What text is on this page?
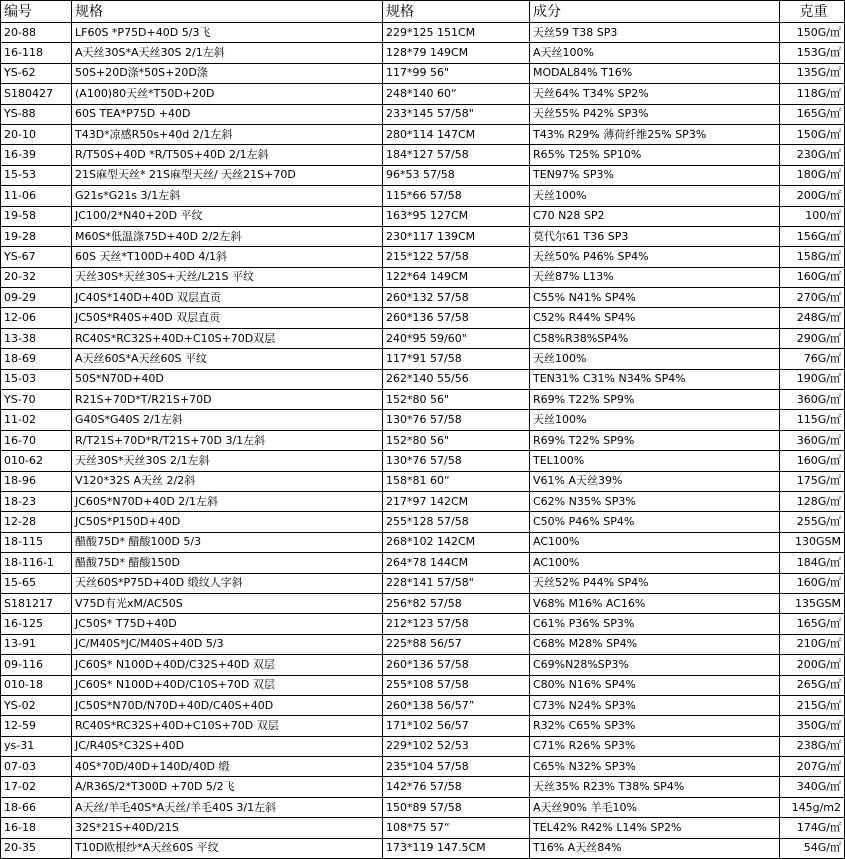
编号	规格	规格	成分	克重
20-88	LF60S *P75D+40D 5/3飞	229*125 151CM	天丝59 T38 SP3	150G/㎡
16-118	A天丝30S*A天丝30S 2/1左斜	128*79 149CM	A天丝100%	153G/㎡
YS-62	50S+20D涤*50S+20D涤	117*99 56"	MODAL84% T16%	135G/㎡
S180427	(A100)80天丝*T50D+20D	248*140 60“	天丝64% T34% SP2%	118G/㎡
YS-88	60S TEA*P75D +40D	233*145 57/58"	天丝55% P42% SP3%	165G/㎡
20-10	T43D*凉感R50s+40d 2/1左斜	280*114 147CM	T43% R29% 薄荷纤维25% SP3%	150G/㎡
16-39	R/T50S+40D *R/T50S+40D 2/1左斜	184*127 57/58	R65% T25% SP10%	230G/㎡
15-53	21S麻型天丝* 21S麻型天丝/ 天丝21S+70D	96*53 57/58	TEN97% SP3%	180G/㎡
11-06	G21s*G21s 3/1左斜	115*66 57/58	天丝100%	200G/㎡
19-58	JC100/2*N40+20D 平纹	163*95 127CM	C70 N28 SP2	100/㎡
19-28	M60S*低温涤75D+40D 2/2左斜	230*117 139CM	莫代尔61 T36 SP3	156G/㎡
YS-67	60S 天丝*T100D+40D 4/1斜	215*122 57/58	天丝50% P46% SP4%	158G/㎡
20-32	天丝30S*天丝30S+天丝/L21S 平纹	122*64 149CM	天丝87% L13%	160G/㎡
09-29	JC40S*140D+40D 双层直贡	260*132 57/58	C55% N41% SP4%	270G/㎡
12-06	JC50S*R40S+40D 双层直贡	260*136 57/58	C52% R44% SP4%	248G/㎡
13-38	RC40S*RC32S+40D+C10S+70D双层	240*95 59/60"	C58%R38%SP4%	290G/㎡
18-69	A天丝60S*A天丝60S 平纹	117*91 57/58	天丝100%	76G/㎡
15-03	50S*N70D+40D	262*140 55/56	TEN31% C31% N34% SP4%	190G/㎡
YS-70	R21S+70D*T/R21S+70D	152*80 56"	R69% T22% SP9%	360G/㎡
11-02	G40S*G40S 2/1左斜	130*76 57/58	天丝100%	115G/㎡
16-70	R/T21S+70D*R/T21S+70D 3/1左斜	152*80 56"	R69% T22% SP9%	360G/㎡
010-62	天丝30S*天丝30S 2/1左斜	130*76 57/58	TEL100%	160G/㎡
18-96	V120*32S A天丝 2/2斜	158*81 60“	V61% A天丝39%	175G/㎡
18-23	JC60S*N70D+40D 2/1左斜	217*97 142CM	C62% N35% SP3%	128G/㎡
12-28	JC50S*P150D+40D	255*128 57/58	C50% P46% SP4%	255G/㎡
18-115	醋酸75D* 醋酸100D 5/3	268*102 142CM	AC100%	130GSM
18-116-1	醋酸75D* 醋酸150D	264*78 144CM	AC100%	184G/㎡
15-65	天丝60S*P75D+40D 缎纹人字斜	228*141 57/58"	天丝52% P44% SP4%	160G/㎡
S181217	V75D有光xM/AC50S	256*82 57/58	V68% M16% AC16%	135GSM
16-125	JC50S* T75D+40D	212*123 57/58	C61% P36% SP3%	165G/㎡
13-91	JC/M40S*JC/M40S+40D 5/3	225*88 56/57	C68% M28% SP4%	210G/㎡
09-116	JC60S* N100D+40D/C32S+40D 双层	260*136 57/58	C69%N28%SP3%	200G/㎡
010-18	JC60S* N100D+40D/C10S+70D 双层	255*108 57/58	C80% N16% SP4%	265G/㎡
YS-02	JC50S*N70D/N70D+40D/C40S+40D	260*138 56/57”	C73% N24% SP3%	215G/㎡
12-59	RC40S*RC32S+40D+C10S+70D 双层	171*102 56/57	R32% C65% SP3%	350G/㎡
ys-31	JC/R40S*C32S+40D	229*102 52/53	C71% R26% SP3%	238G/㎡
07-03	40S*70D/40D+140D/40D 缎	235*104 57/58	C65% N32% SP3%	207G/㎡
17-02	A/R36S/2*T300D +70D 5/2飞	142*76 57/58	天丝35% R23% T38% SP4%	340G/㎡
18-66	A天丝/羊毛40S*A天丝/羊毛40S 3/1左斜	150*89 57/58	A天丝90% 羊毛10%	145g/m2
16-18	32S*21S+40D/21S	108*75 57“	TEL42% R42% L14% SP2%	174G/㎡
20-35	T10D欧根纱*A天丝60S 平纹	173*119 147.5CM	T16% A天丝84%	54G/㎡
